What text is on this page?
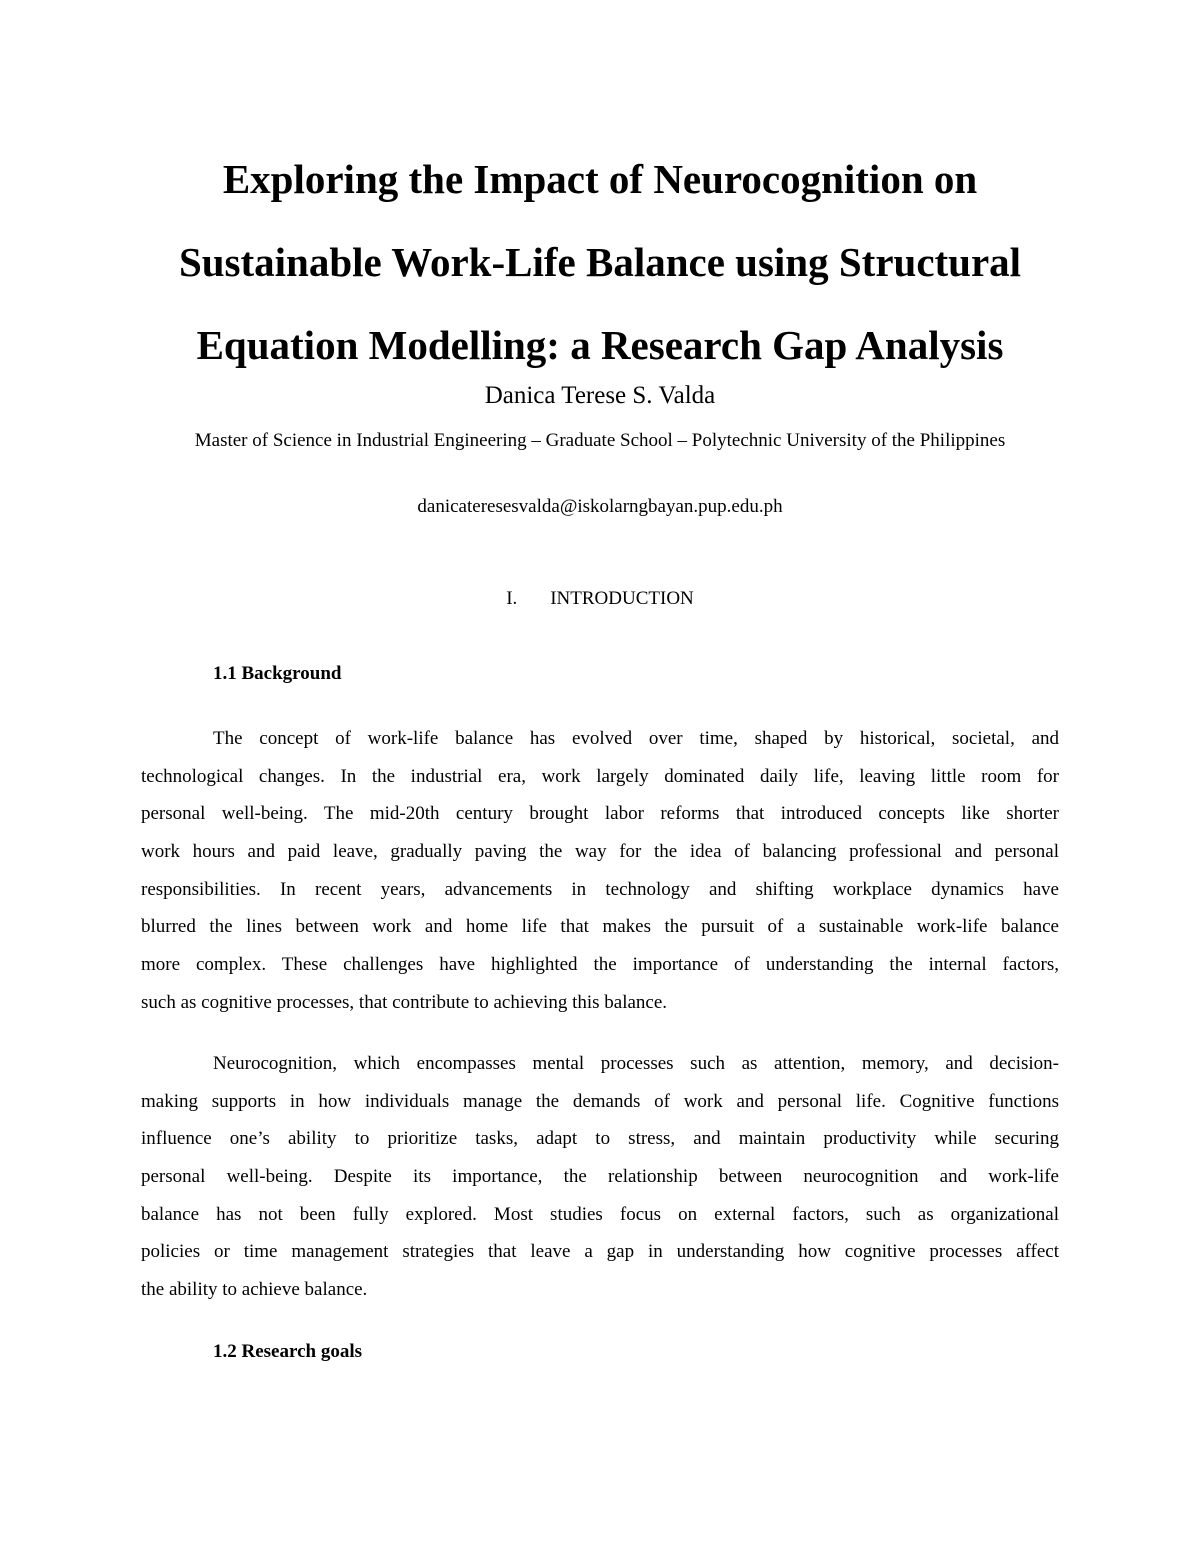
Exploring the Impact of Neurocognition on
Sustainable Work-Life Balance using Structural
Equation Modelling: a Research Gap Analysis
Danica Terese S. Valda
Master of Science in Industrial Engineering – Graduate School – Polytechnic University of the Philippines
danicateresesvalda@iskolarngbayan.pup.edu.ph
I. INTRODUCTION
1.1 Background
The concept of work-life balance has evolved over time, shaped by historical, societal, and
technological changes. In the industrial era, work largely dominated daily life, leaving little room for
personal well-being. The mid-20th century brought labor reforms that introduced concepts like shorter
work hours and paid leave, gradually paving the way for the idea of balancing professional and personal
responsibilities. In recent years, advancements in technology and shifting workplace dynamics have
blurred the lines between work and home life that makes the pursuit of a sustainable work-life balance
more complex. These challenges have highlighted the importance of understanding the internal factors,
such as cognitive processes, that contribute to achieving this balance.
Neurocognition, which encompasses mental processes such as attention, memory, and decision-
making supports in how individuals manage the demands of work and personal life. Cognitive functions
influence one’s ability to prioritize tasks, adapt to stress, and maintain productivity while securing
personal well-being. Despite its importance, the relationship between neurocognition and work-life
balance has not been fully explored. Most studies focus on external factors, such as organizational
policies or time management strategies that leave a gap in understanding how cognitive processes affect
the ability to achieve balance.
1.2 Research goals
